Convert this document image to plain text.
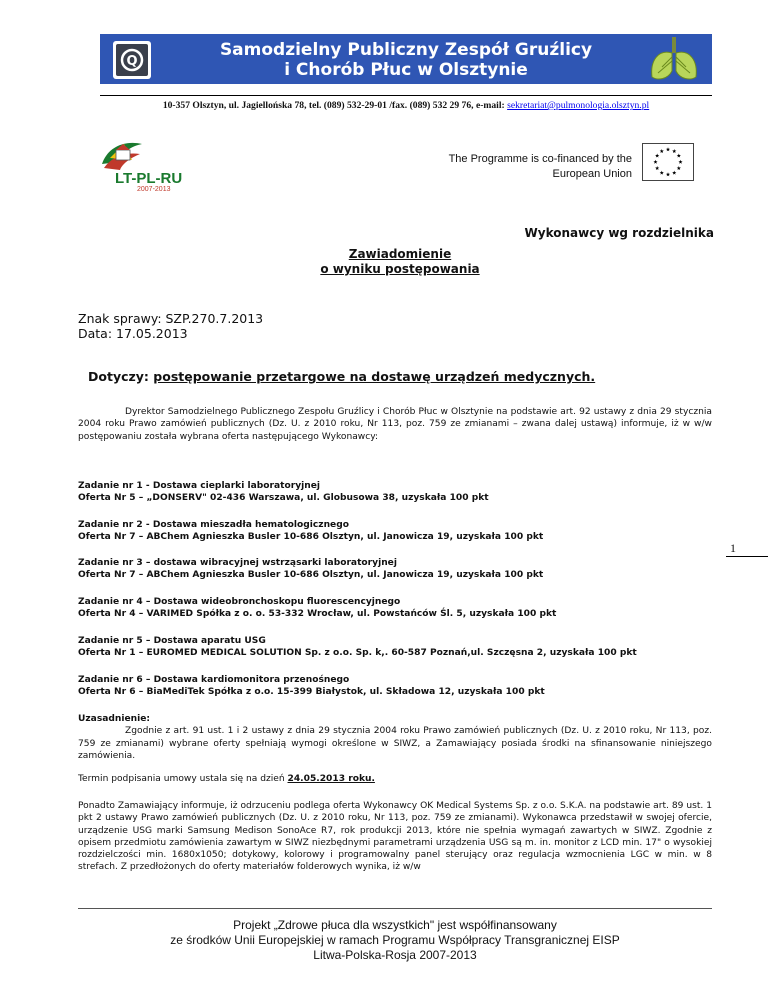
Q
Samodzielny Publiczny Zespół Gruźlicy
i Chorób Płuc w Olsztynie
10-357 Olsztyn, ul. Jagiellońska 78, tel. (089) 532-29-01 /fax. (089) 532 29 76, e-mail: sekretariat@pulmonologia.olsztyn.pl
LT-PL-RU
2007-2013
The Programme is co-financed by the
European Union
Wykonawcy wg rozdzielnika
Zawiadomienie
o wyniku postępowania
Znak sprawy: SZP.270.7.2013
Data: 17.05.2013
Dotyczy: postępowanie przetargowe na dostawę urządzeń medycznych.

Dyrektor Samodzielnego Publicznego Zespołu Gruźlicy i Chorób Płuc w Olsztynie na podstawie art. 92 ustawy z dnia 29 stycznia 2004 roku Prawo zamówień publicznych (Dz. U. z 2010 roku, Nr 113, poz. 759 ze zmianami – zwana dalej ustawą) informuje, iż w w/w postępowaniu została wybrana oferta następującego Wykonawcy:

Zadanie nr 1 - Dostawa cieplarki laboratoryjnej
Oferta Nr 5 – „DONSERV" 02-436 Warszawa, ul. Globusowa 38, uzyskała 100 pkt
Zadanie nr 2 - Dostawa mieszadła hematologicznego
Oferta Nr 7 – ABChem Agnieszka Busler 10-686 Olsztyn, ul. Janowicza 19, uzyskała 100 pkt
Zadanie nr 3 – dostawa wibracyjnej wstrząsarki laboratoryjnej
Oferta Nr 7 – ABChem Agnieszka Busler 10-686 Olsztyn, ul. Janowicza 19, uzyskała 100 pkt
Zadanie nr 4 – Dostawa wideobronchoskopu fluorescencyjnego
Oferta Nr 4 – VARIMED Spółka z o. o. 53-332 Wrocław, ul. Powstańców Śl. 5, uzyskała 100 pkt
Zadanie nr 5 – Dostawa aparatu USG
Oferta Nr 1 – EUROMED MEDICAL SOLUTION Sp. z o.o. Sp. k,. 60-587 Poznań,ul. Szczęsna 2, uzyskała 100 pkt
Zadanie nr 6 – Dostawa kardiomonitora przenośnego
Oferta Nr 6 – BiaMediTek Spółka z o.o. 15-399 Białystok, ul. Składowa 12, uzyskała 100 pkt
1

Uzasadnienie:

Zgodnie z art. 91 ust. 1 i 2 ustawy z dnia 29 stycznia 2004 roku Prawo zamówień publicznych (Dz. U. z 2010 roku, Nr 113, poz. 759 ze zmianami) wybrane oferty spełniają wymogi określone w SIWZ, a Zamawiający posiada środki na sfinansowanie niniejszego zamówienia.

Termin podpisania umowy ustala się na dzień 24.05.2013 roku.
Ponadto Zamawiający informuje, iż odrzuceniu podlega oferta Wykonawcy OK Medical Systems Sp. z o.o. S.K.A. na podstawie art. 89 ust. 1 pkt 2 ustawy Prawo zamówień publicznych (Dz. U. z 2010 roku, Nr 113, poz. 759 ze zmianami). Wykonawca przedstawił w swojej ofercie, urządzenie USG marki Samsung Medison SonoAce R7, rok produkcji 2013, które nie spełnia wymagań zawartych w SIWZ. Zgodnie z opisem przedmiotu zamówienia zawartym w SIWZ niezbędnymi parametrami urządzenia USG są m. in. monitor z LCD min. 17" o wysokiej rozdzielczości min. 1680x1050; dotykowy, kolorowy i programowalny panel sterujący oraz regulacja wzmocnienia LGC w min. w 8 strefach. Z przedłożonych do oferty materiałów folderowych wynika, iż w/w
Projekt „Zdrowe płuca dla wszystkich" jest współfinansowany
ze środków Unii Europejskiej w ramach Programu Współpracy Transgranicznej EISP
Litwa-Polska-Rosja 2007-2013
